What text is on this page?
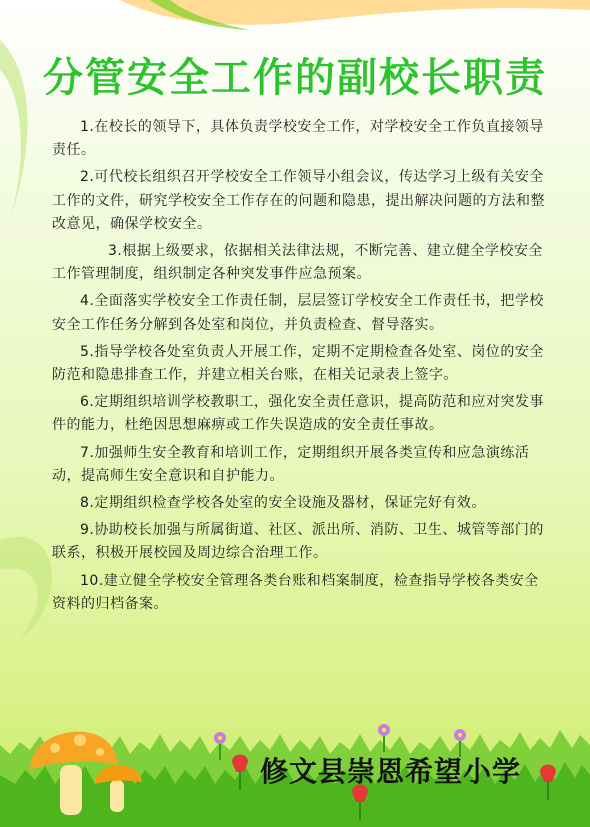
分管安全工作的副校长职责

1.在校长的领导下，具体负责学校安全工作，对学校安全工作负直接领导责任。

2.可代校长组织召开学校安全工作领导小组会议，传达学习上级有关安全工作的文件，研究学校安全工作存在的问题和隐患，提出解决问题的方法和整改意见，确保学校安全。

3.根据上级要求，依据相关法律法规，不断完善、建立健全学校安全工作管理制度，组织制定各种突发事件应急预案。

4.全面落实学校安全工作责任制，层层签订学校安全工作责任书，把学校安全工作任务分解到各处室和岗位，并负责检查、督导落实。

5.指导学校各处室负责人开展工作，定期不定期检查各处室、岗位的安全防范和隐患排查工作，并建立相关台账，在相关记录表上签字。

6.定期组织培训学校教职工，强化安全责任意识，提高防范和应对突发事件的能力，杜绝因思想麻痹或工作失误造成的安全责任事故。

7.加强师生安全教育和培训工作，定期组织开展各类宣传和应急演练活动，提高师生安全意识和自护能力。

8.定期组织检查学校各处室的安全设施及器材，保证完好有效。

9.协助校长加强与所属街道、社区、派出所、消防、卫生、城管等部门的联系，积极开展校园及周边综合治理工作。

10.建立健全学校安全管理各类台账和档案制度，检查指导学校各类安全资料的归档备案。

修文县崇恩希望小学
